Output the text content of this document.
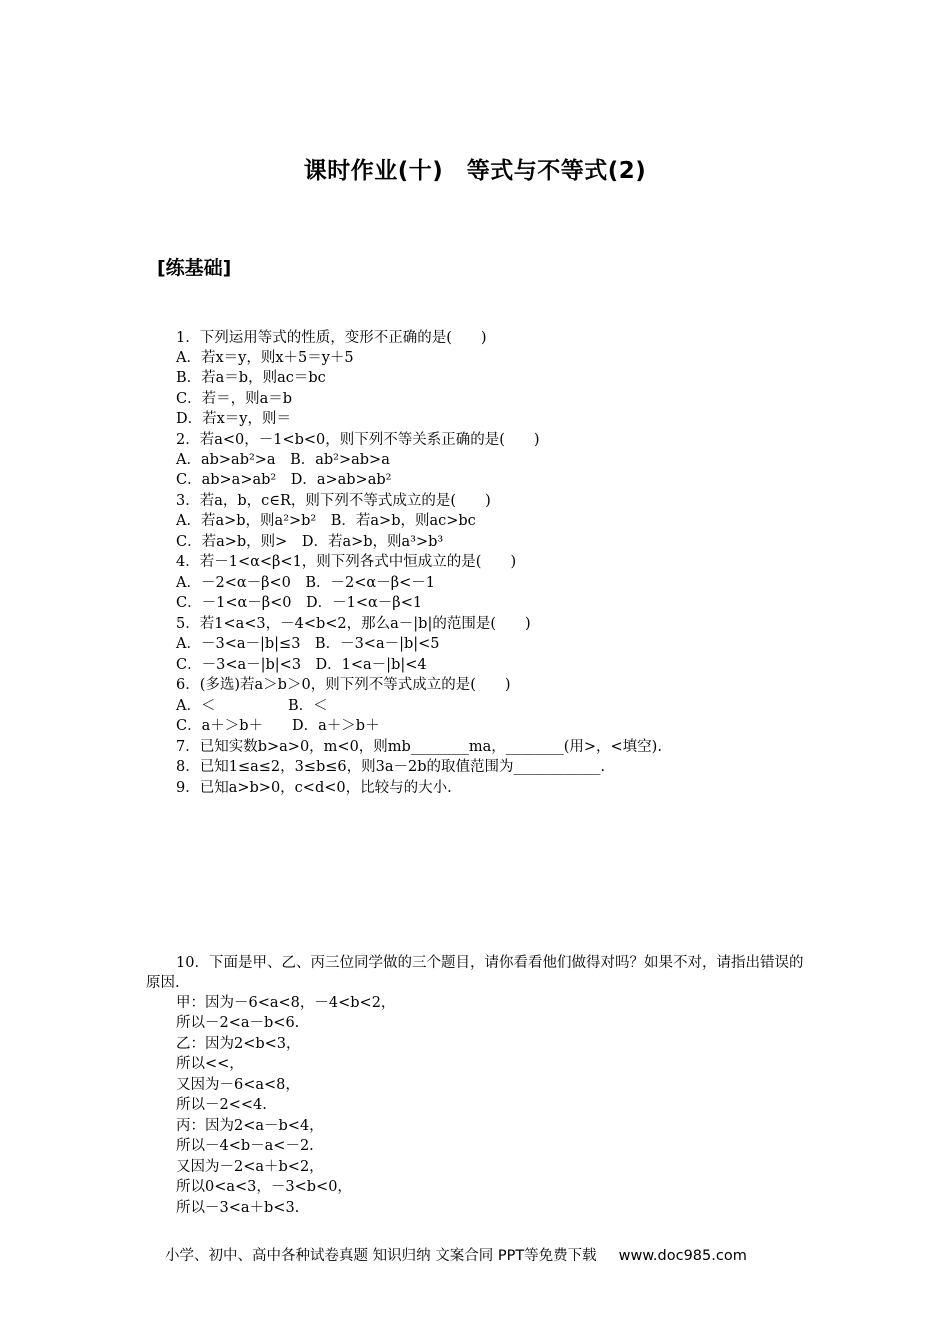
课时作业(十)　等式与不等式(2)
[练基础]
1．下列运用等式的性质，变形不正确的是(　　)
A．若x＝y，则x＋5＝y＋5
B．若a＝b，则ac＝bc
C．若＝，则a＝b
D．若x＝y，则＝
2．若a<0，－1<b<0，则下列不等关系正确的是(　　)
A．ab>ab²>a　B．ab²>ab>a
C．ab>a>ab²　D．a>ab>ab²
3．若a，b，c∈R，则下列不等式成立的是(　　)
A．若a>b，则a²>b²　B．若a>b，则ac>bc
C．若a>b，则>　D．若a>b，则a³>b³
4．若－1<α<β<1，则下列各式中恒成立的是(　　)
A．－2<α－β<0　B．－2<α－β<－1
C．－1<α－β<0　D．－1<α－β<1
5．若1<a<3，－4<b<2，那么a－|b|的范围是(　　)
A．－3<a－|b|≤3　B．－3<a－|b|<5
C．－3<a－|b|<3　D．1<a－|b|<4
6．(多选)若a＞b＞0，则下列不等式成立的是(　　)
A．＜　　　　　B．＜
C．a＋＞b＋　　D．a＋＞b＋
7．已知实数b>a>0，m<0，则mb________ma，________(用>，<填空).
8．已知1≤a≤2，3≤b≤6，则3a－2b的取值范围为____________.
9．已知a>b>0，c<d<0，比较与的大小.
10．下面是甲、乙、丙三位同学做的三个题目，请你看看他们做得对吗？如果不对，请指出错误的原因.
甲：因为－6<a<8，－4<b<2，
所以－2<a－b<6.
乙：因为2<b<3，
所以<<，
又因为－6<a<8，
所以－2<<4.
丙：因为2<a－b<4，
所以－4<b－a<－2.
又因为－2<a＋b<2，
所以0<a<3，－3<b<0，
所以－3<a＋b<3.
小学、初中、高中各种试卷真题 知识归纳 文案合同 PPT等免费下载 www.doc985.com
